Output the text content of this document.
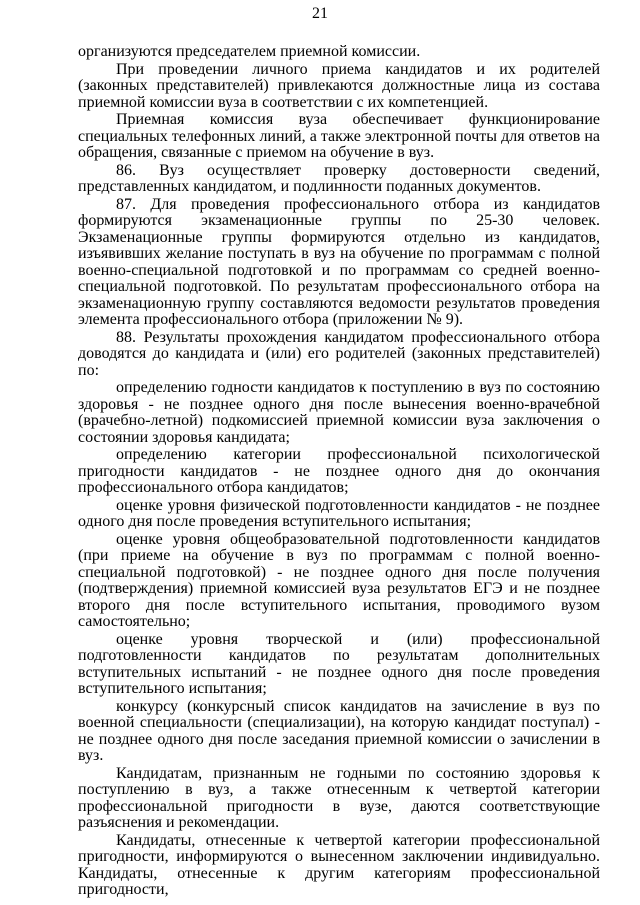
21

организуются председателем приемной комиссии.

При проведении личного приема кандидатов и их родителей (законных представителей) привлекаются должностные лица из состава приемной комиссии вуза в соответствии с их компетенцией.

Приемная комиссия вуза обеспечивает функционирование специальных телефонных линий, а также электронной почты для ответов на обращения, связанные с приемом на обучение в вуз.

86. Вуз осуществляет проверку достоверности сведений, представленных кандидатом, и подлинности поданных документов.

87. Для проведения профессионального отбора из кандидатов формируются экзаменационные группы по 25-30 человек. Экзаменационные группы формируются отдельно из кандидатов, изъявивших желание поступать в вуз на обучение по программам с полной военно-специальной подготовкой и по программам со средней военно-специальной подготовкой. По результатам профессионального отбора на экзаменационную группу составляются ведомости результатов проведения элемента профессионального отбора (приложении № 9).

88. Результаты прохождения кандидатом профессионального отбора доводятся до кандидата и (или) его родителей (законных представителей) по:

определению годности кандидатов к поступлению в вуз по состоянию здоровья - не позднее одного дня после вынесения военно-врачебной (врачебно-летной) подкомиссией приемной комиссии вуза заключения о состоянии здоровья кандидата;

определению категории профессиональной психологической пригодности кандидатов - не позднее одного дня до окончания профессионального отбора кандидатов;

оценке уровня физической подготовленности кандидатов - не позднее одного дня после проведения вступительного испытания;

оценке уровня общеобразовательной подготовленности кандидатов (при приеме на обучение в вуз по программам с полной военно-специальной подготовкой) - не позднее одного дня после получения (подтверждения) приемной комиссией вуза результатов ЕГЭ и не позднее второго дня после вступительного испытания, проводимого вузом самостоятельно;

оценке уровня творческой и (или) профессиональной подготовленности кандидатов по результатам дополнительных вступительных испытаний - не позднее одного дня после проведения вступительного испытания;

конкурсу (конкурсный список кандидатов на зачисление в вуз по военной специальности (специализации), на которую кандидат поступал) - не позднее одного дня после заседания приемной комиссии о зачислении в вуз.

Кандидатам, признанным не годными по состоянию здоровья к поступлению в вуз, а также отнесенным к четвертой категории профессиональной пригодности в вузе, даются соответствующие разъяснения и рекомендации.

Кандидаты, отнесенные к четвертой категории профессиональной пригодности, информируются о вынесенном заключении индивидуально. Кандидаты, отнесенные к другим категориям профессиональной пригодности,
